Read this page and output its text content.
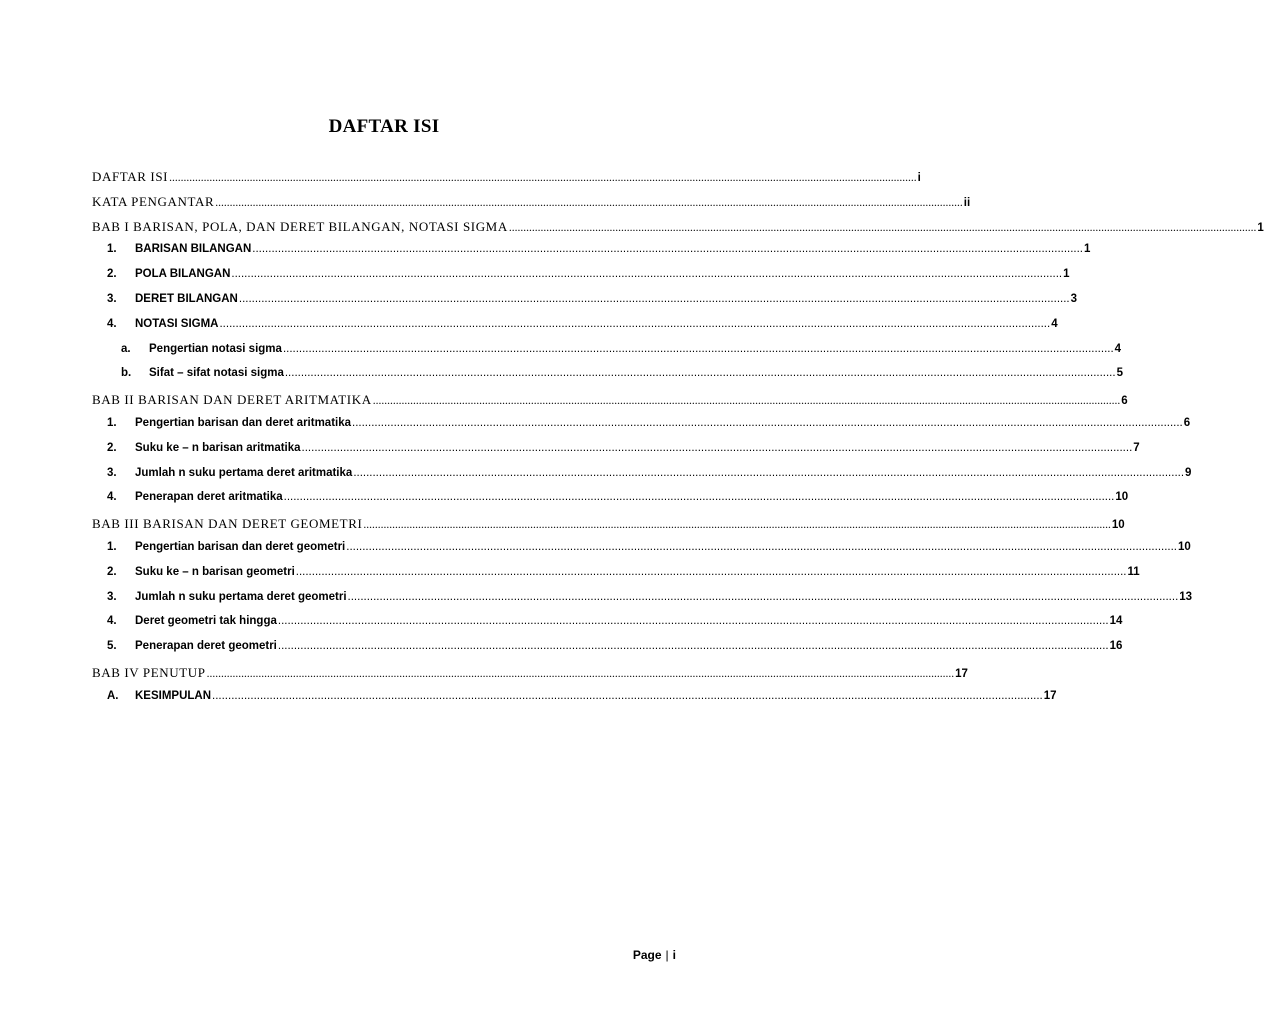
DAFTAR ISI
DAFTAR ISI .................................................................................................................................................................................................................................................................... i
KATA PENGANTAR .................................................................................................................................................................................................................................................................... ii
BAB I BARISAN, POLA, DAN DERET BILANGAN, NOTASI SIGMA .................................................................................................................................................................................................................................................................... 1
1.	BARISAN BILANGAN .................................................................................................................................................................................................................................................................... 1
2.	POLA BILANGAN .................................................................................................................................................................................................................................................................... 1
3.	DERET BILANGAN .................................................................................................................................................................................................................................................................... 3
4.	NOTASI SIGMA .................................................................................................................................................................................................................................................................... 4
a.	Pengertian notasi sigma .................................................................................................................................................................................................................................................................... 4
b.	Sifat – sifat notasi sigma .................................................................................................................................................................................................................................................................... 5
BAB II BARISAN DAN DERET ARITMATIKA .................................................................................................................................................................................................................................................................... 6
1.	Pengertian barisan dan deret aritmatika .................................................................................................................................................................................................................................................................... 6
2.	Suku ke – n barisan aritmatika .................................................................................................................................................................................................................................................................... 7
3.	Jumlah n suku pertama deret aritmatika .................................................................................................................................................................................................................................................................... 9
4.	Penerapan deret aritmatika .................................................................................................................................................................................................................................................................... 10
BAB III BARISAN DAN DERET GEOMETRI .................................................................................................................................................................................................................................................................... 10
1.	Pengertian barisan dan deret geometri .................................................................................................................................................................................................................................................................... 10
2.	Suku ke – n barisan geometri .................................................................................................................................................................................................................................................................... 11
3.	Jumlah n suku pertama deret geometri .................................................................................................................................................................................................................................................................... 13
4.	Deret geometri tak hingga .................................................................................................................................................................................................................................................................... 14
5.	Penerapan deret geometri .................................................................................................................................................................................................................................................................... 16
BAB IV PENUTUP .................................................................................................................................................................................................................................................................... 17
A.	KESIMPULAN .................................................................................................................................................................................................................................................................... 17
Page | i
